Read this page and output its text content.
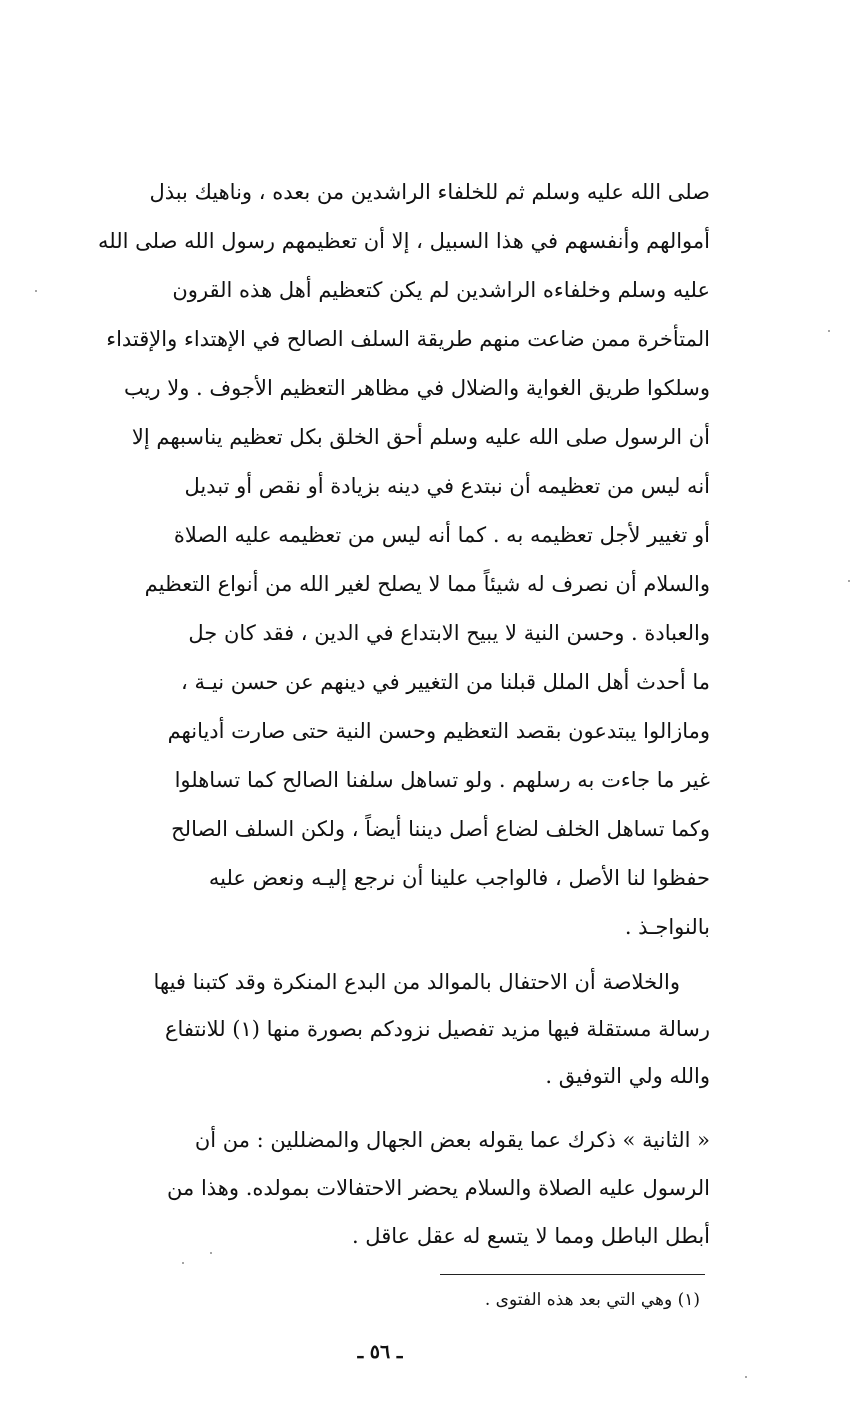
صلى الله عليه وسلم ثم للخلفاء الراشدين من بعده ، وناهيك ببذل
أموالهم وأنفسهم في هذا السبيل ، إلا أن تعظيمهم رسول الله صلى الله
عليه وسلم وخلفاءه الراشدين لم يكن كتعظيم أهل هذه القرون
المتأخرة ممن ضاعت منهم طريقة السلف الصالح في الإهتداء والإقتداء
وسلكوا طريق الغواية والضلال في مظاهر التعظيم الأجوف . ولا ريب
أن الرسول صلى الله عليه وسلم أحق الخلق بكل تعظيم يناسبهم إلا
أنه ليس من تعظيمه أن نبتدع في دينه بزيادة أو نقص أو تبديل
أو تغيير لأجل تعظيمه به . كما أنه ليس من تعظيمه عليه الصلاة
والسلام أن نصرف له شيئاً مما لا يصلح لغير الله من أنواع التعظيم
والعبادة . وحسن النية لا يبيح الابتداع في الدين ، فقد كان جل
ما أحدث أهل الملل قبلنا من التغيير في دينهم عن حسن نيـة ،
ومازالوا يبتدعون بقصد التعظيم وحسن النية حتى صارت أديانهم
غير ما جاءت به رسلهم . ولو تساهل سلفنا الصالح كما تساهلوا
وكما تساهل الخلف لضاع أصل ديننا أيضاً ، ولكن السلف الصالح
حفظوا لنا الأصل ، فالواجب علينا أن نرجع إليـه ونعض عليه
بالنواجـذ .
والخلاصة أن الاحتفال بالموالد من البدع المنكرة وقد كتبنا فيها
رسالة مستقلة فيها مزيد تفصيل نزودكم بصورة منها (١) للانتفاع
والله ولي التوفيق .
« الثانية » ذكرك عما يقوله بعض الجهال والمضللين : من أن
الرسول عليه الصلاة والسلام يحضر الاحتفالات بمولده. وهذا من
أبطل الباطل ومما لا يتسع له عقل عاقل .
(١) وهي التي بعد هذه الفتوى .
ـ ٥٦ ـ
